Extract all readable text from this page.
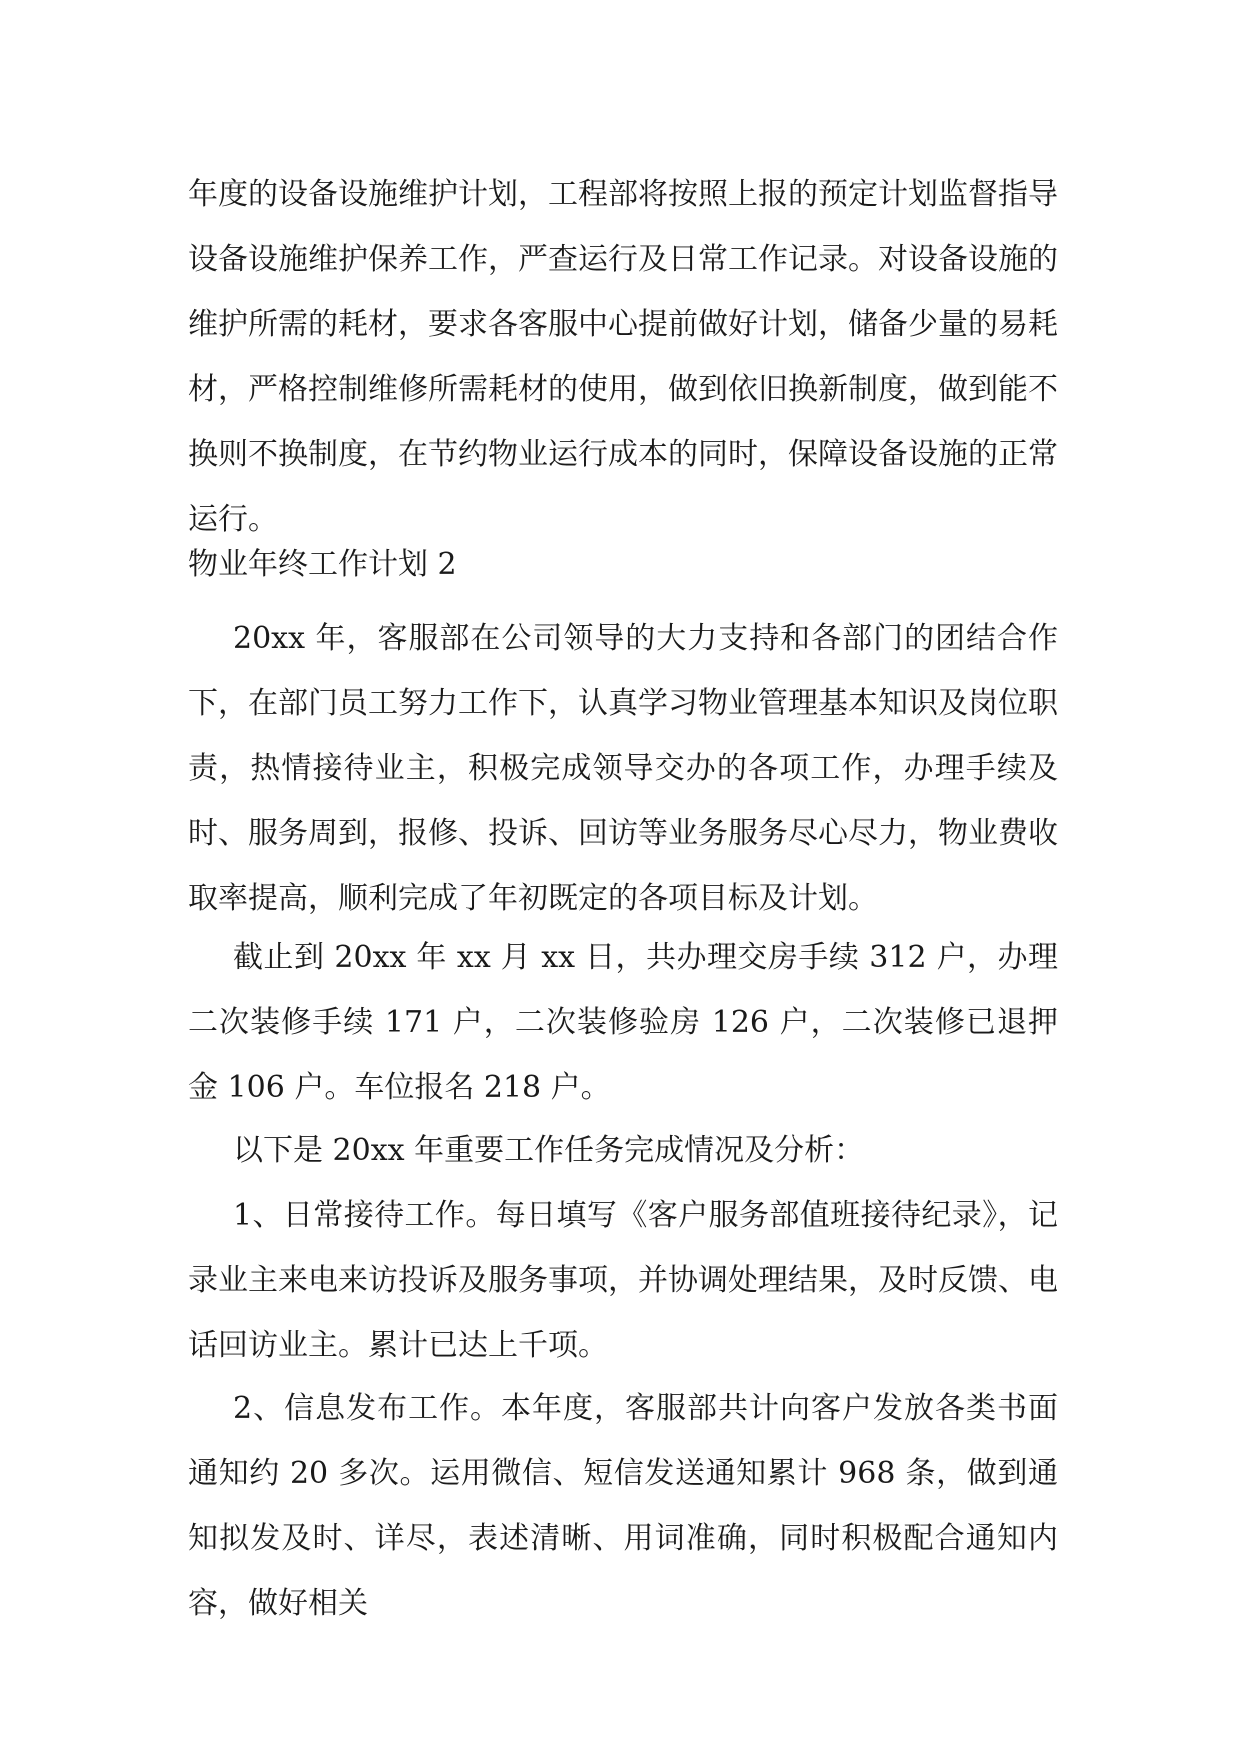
年度的设备设施维护计划，工程部将按照上报的预定计划监督指导设备设施维护保养工作，严查运行及日常工作记录。对设备设施的维护所需的耗材，要求各客服中心提前做好计划，储备少量的易耗材，严格控制维修所需耗材的使用，做到依旧换新制度，做到能不换则不换制度，在节约物业运行成本的同时，保障设备设施的正常运行。

物业年终工作计划 2

20xx 年，客服部在公司领导的大力支持和各部门的团结合作下，在部门员工努力工作下，认真学习物业管理基本知识及岗位职责，热情接待业主，积极完成领导交办的各项工作，办理手续及时、服务周到，报修、投诉、回访等业务服务尽心尽力，物业费收取率提高，顺利完成了年初既定的各项目标及计划。

截止到 20xx 年 xx 月 xx 日，共办理交房手续 312 户，办理二次装修手续 171 户，二次装修验房 126 户，二次装修已退押金 106 户。车位报名 218 户。

以下是 20xx 年重要工作任务完成情况及分析：

1、日常接待工作。每日填写《客户服务部值班接待纪录》，记录业主来电来访投诉及服务事项，并协调处理结果，及时反馈、电话回访业主。累计已达上千项。

2、信息发布工作。本年度，客服部共计向客户发放各类书面通知约 20 多次。运用微信、短信发送通知累计 968 条，做到通知拟发及时、详尽，表述清晰、用词准确，同时积极配合通知内容，做好相关
